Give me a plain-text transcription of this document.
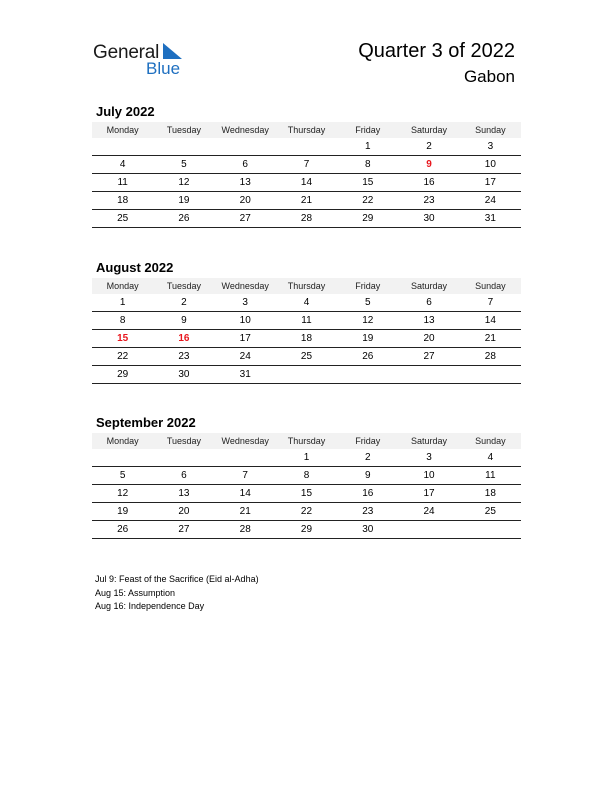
General
Blue
Quarter 3 of 2022
Gabon
July 2022
Monday	Tuesday	Wednesday	Thursday	Friday	Saturday	Sunday
				1	2	3
4	5	6	7	8	9	10
11	12	13	14	15	16	17
18	19	20	21	22	23	24
25	26	27	28	29	30	31
August 2022
Monday	Tuesday	Wednesday	Thursday	Friday	Saturday	Sunday
1	2	3	4	5	6	7
8	9	10	11	12	13	14
15	16	17	18	19	20	21
22	23	24	25	26	27	28
29	30	31				
September 2022
Monday	Tuesday	Wednesday	Thursday	Friday	Saturday	Sunday
			1	2	3	4
5	6	7	8	9	10	11
12	13	14	15	16	17	18
19	20	21	22	23	24	25
26	27	28	29	30		
Jul 9: Feast of the Sacrifice (Eid al-Adha)
Aug 15: Assumption
Aug 16: Independence Day
